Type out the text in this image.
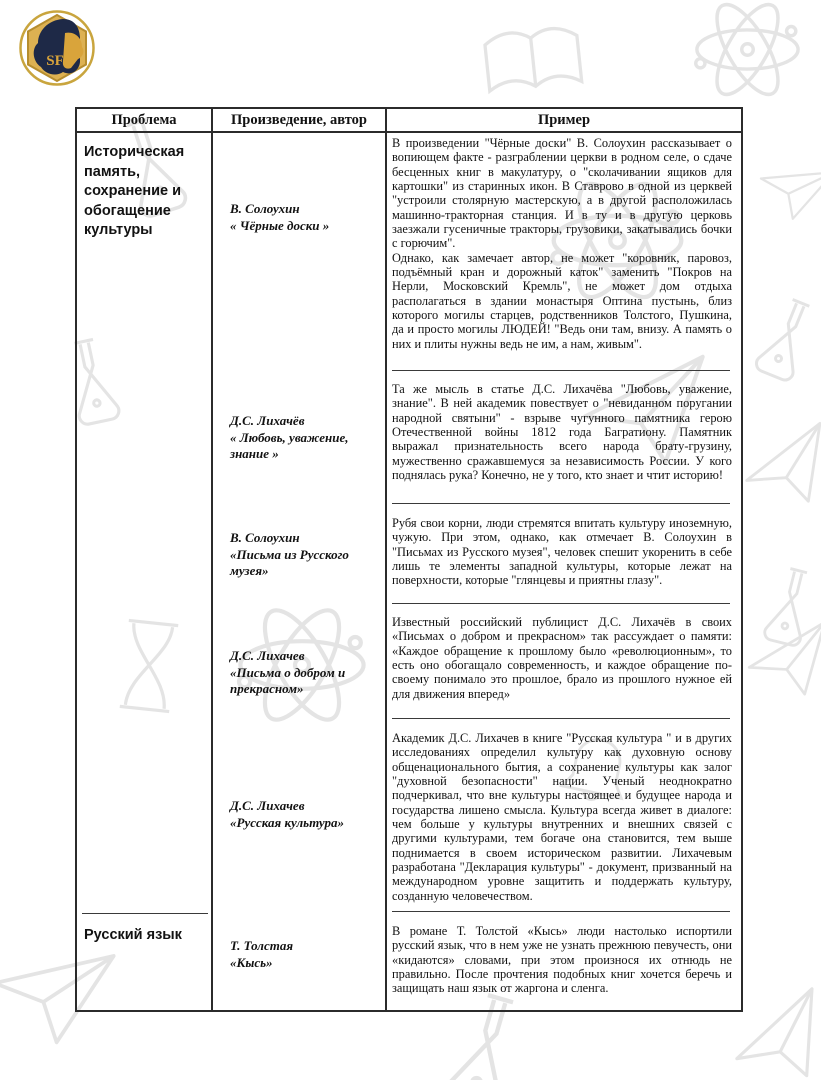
SF
Проблема	Произведение, автор	Пример
Историческая память, сохранение и обогащение культуры
Русский язык
В. Солоухин
« Чёрные доски »
Д.С. Лихачёв
« Любовь, уважение,
знание »
В. Солоухин
«Письма из Русского
музея»
Д.С. Лихачев
«Письма о добром и
прекрасном»
Д.С. Лихачев
«Русская культура»
Т. Толстая
«Кысь»

В произведении "Чёрные доски" В. Солоухин рассказывает о вопиющем факте - разграблении церкви в родном селе, о сдаче бесценных книг в макулатуру, о "сколачивании ящиков для картошки" из старинных икон. В Ставрово в одной из церквей "устроили столярную мастерскую, а в другой расположилась машинно-тракторная станция. И в ту и в другую церковь заезжали гусеничные тракторы, грузовики, закатывались бочки с горючим".

Однако, как замечает автор, не может "коровник, паровоз, подъёмный кран и дорожный каток" заменить "Покров на Нерли, Московский Кремль", не может дом отдыха располагаться в здании монастыря Оптина пустынь, близ которого могилы старцев, родственников Толстого, Пушкина, да и просто могилы ЛЮДЕЙ! "Ведь они там, внизу. А память о них и плиты нужны ведь не им, а нам, живым".

Та же мысль в статье Д.С. Лихачёва "Любовь, уважение, знание". В ней академик повествует о "невиданном поругании народной святыни" - взрыве чугунного памятника герою Отечественной войны 1812 года Багратиону. Памятник выражал признательность всего народа брату-грузину, мужественно сражавшемуся за независимость России. У кого поднялась рука? Конечно, не у того, кто знает и чтит историю!

Рубя свои корни, люди стремятся впитать культуру иноземную, чужую. При этом, однако, как отмечает В. Солоухин в "Письмах из Русского музея", человек спешит укоренить в себе лишь те элементы западной культуры, которые лежат на поверхности, которые "глянцевы и приятны глазу".

Известный российский публицист Д.С. Лихачёв в своих «Письмах о добром и прекрасном» так рассуждает о памяти: «Каждое обращение к прошлому было «революционным», то есть оно обогащало современность, и каждое обращение по-своему понимало это прошлое, брало из прошлого нужное ей для движения вперед»

Академик Д.С. Лихачев в книге "Русская культура " и в других исследованиях определил культуру как духовную основу общенационального бытия, а сохранение культуры как залог "духовной безопасности" нации. Ученый неоднократно подчеркивал, что вне культуры настоящее и будущее народа и государства лишено смысла. Культура всегда живет в диалоге: чем больше у культуры внутренних и внешних связей с другими культурами, тем богаче она становится, тем выше поднимается в своем историческом развитии. Лихачевым разработана "Декларация культуры" - документ, призванный на международном уровне защитить и поддержать культуру, созданную человечеством.

В романе Т. Толстой «Кысь» люди настолько испортили русский язык, что в нем уже не узнать прежнюю певучесть, они «кидаются» словами, при этом произнося их отнюдь не правильно. После прочтения подобных книг хочется беречь и защищать наш язык от жаргона и сленга.
